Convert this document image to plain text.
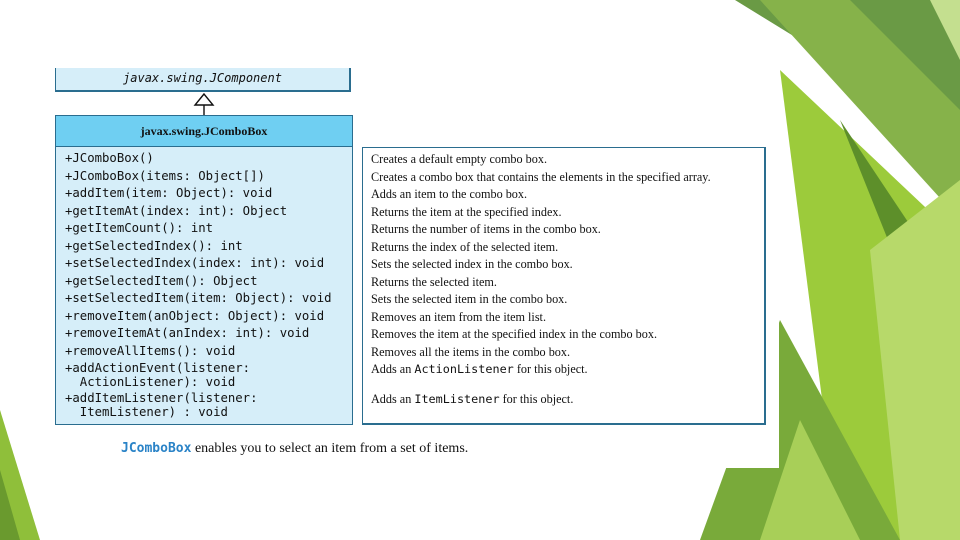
javax.swing.JComponent
javax.swing.JComboBox
+JComboBox()
+JComboBox(items: Object[])
+addItem(item: Object): void
+getItemAt(index: int): Object
+getItemCount(): int
+getSelectedIndex(): int
+setSelectedIndex(index: int): void
+getSelectedItem(): Object
+setSelectedItem(item: Object): void
+removeItem(anObject: Object): void
+removeItemAt(anIndex: int): void
+removeAllItems(): void
+addActionEvent(listener:
ActionListener): void
+addItemListener(listener:
ItemListener) : void
Creates a default empty combo box.
Creates a combo box that contains the elements in the specified array.
Adds an item to the combo box.
Returns the item at the specified index.
Returns the number of items in the combo box.
Returns the index of the selected item.
Sets the selected index in the combo box.
Returns the selected item.
Sets the selected item in the combo box.
Removes an item from the item list.
Removes the item at the specified index in the combo box.
Removes all the items in the combo box.
Adds an ActionListener for this object.
Adds an ItemListener for this object.
JComboBox enables you to select an item from a set of items.
